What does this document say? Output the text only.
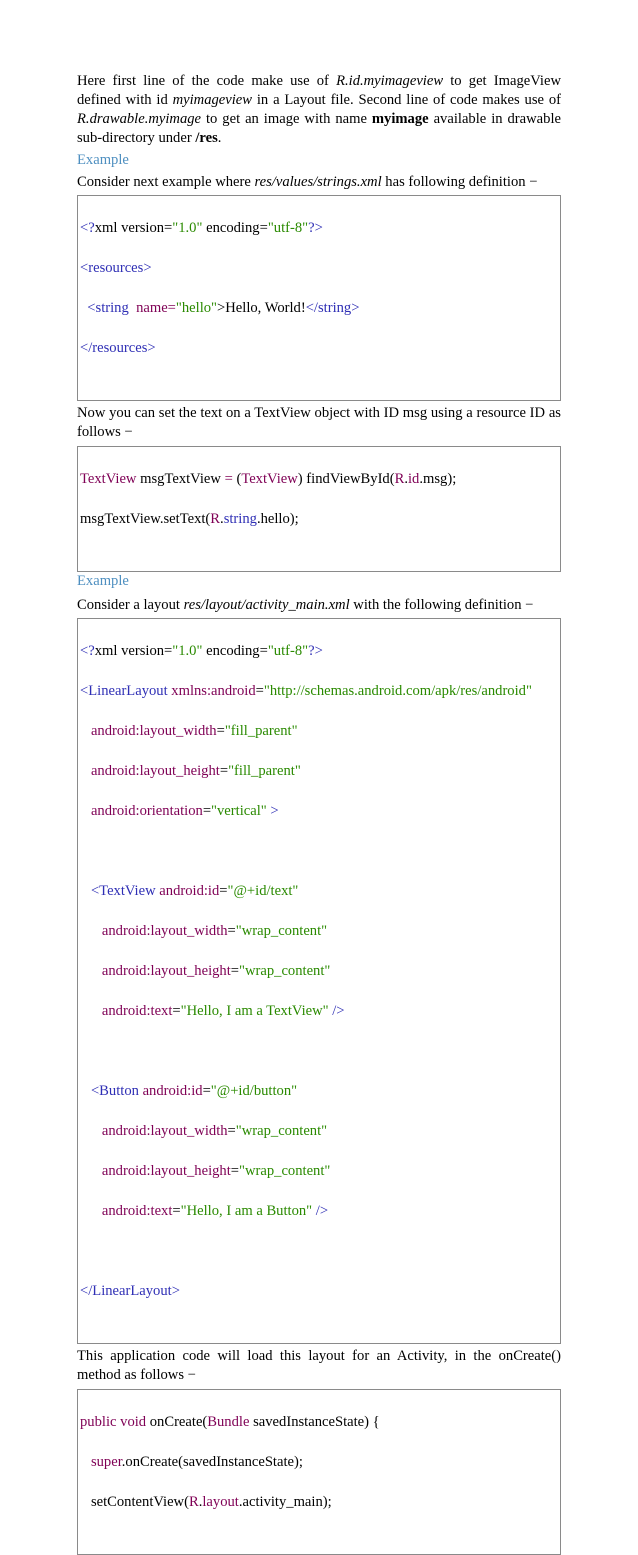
Here first line of the code make use of R.id.myimageview to get ImageView defined with id myimageview in a Layout file. Second line of code makes use of R.drawable.myimage to get an image with name myimage available in drawable sub-directory under /res.

Example

Consider next example where res/values/strings.xml has following definition −

<?xml version="1.0" encoding="utf-8"?>

<resources>

<string  name="hello">Hello, World!</string>

</resources>

Now you can set the text on a TextView object with ID msg using a resource ID as follows −

TextView msgTextView = (TextView) findViewById(R.id.msg);

msgTextView.setText(R.string.hello);

Example

Consider a layout res/layout/activity_main.xml with the following definition −

<?xml version="1.0" encoding="utf-8"?>

<LinearLayout xmlns:android="http://schemas.android.com/apk/res/android"

android:layout_width="fill_parent"

android:layout_height="fill_parent"

android:orientation="vertical" >

<TextView android:id="@+id/text"

android:layout_width="wrap_content"

android:layout_height="wrap_content"

android:text="Hello, I am a TextView" />

<Button android:id="@+id/button"

android:layout_width="wrap_content"

android:layout_height="wrap_content"

android:text="Hello, I am a Button" />

</LinearLayout>

This application code will load this layout for an Activity, in the onCreate() method as follows −

public void onCreate(Bundle savedInstanceState) {

super.onCreate(savedInstanceState);

setContentView(R.layout.activity_main);
